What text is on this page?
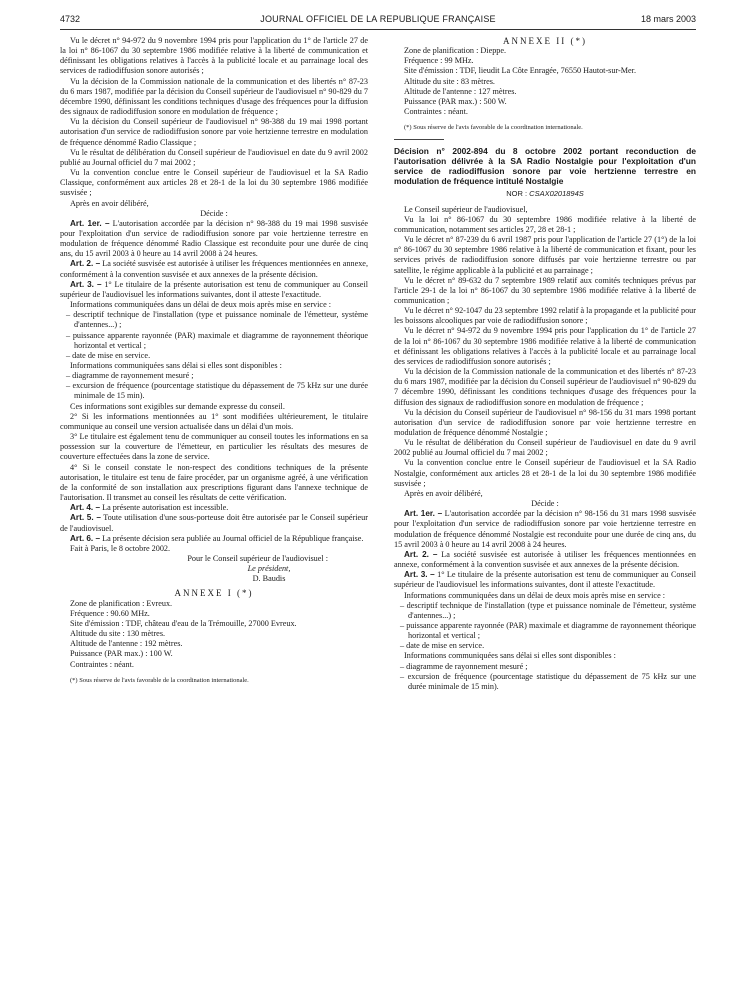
4732	JOURNAL OFFICIEL DE LA REPUBLIQUE FRANÇAISE	18 mars 2003

Vu le décret n° 94-972 du 9 novembre 1994 pris pour l'application du 1° de l'article 27 de la loi n° 86-1067 du 30 septembre 1986 modifiée relative à la liberté de communication et définissant les obligations relatives à l'accès à la publicité locale et au parrainage local des services de radiodiffusion sonore autorisés ;

Vu la décision de la Commission nationale de la communication et des libertés n° 87-23 du 6 mars 1987, modifiée par la décision du Conseil supérieur de l'audiovisuel n° 90-829 du 7 décembre 1990, définissant les conditions techniques d'usage des fréquences pour la diffusion des signaux de radiodiffusion sonore en modulation de fréquence ;

Vu la décision du Conseil supérieur de l'audiovisuel n° 98-388 du 19 mai 1998 portant autorisation d'un service de radiodiffusion sonore par voie hertzienne terrestre en modulation de fréquence dénommé Radio Classique ;

Vu le résultat de délibération du Conseil supérieur de l'audiovisuel en date du 9 avril 2002 publié au Journal officiel du 7 mai 2002 ;

Vu la convention conclue entre le Conseil supérieur de l'audiovisuel et la SA Radio Classique, conformément aux articles 28 et 28-1 de la loi du 30 septembre 1986 modifiée susvisée ;

Après en avoir délibéré,

Décide :

Art. 1er. – L'autorisation accordée par la décision n° 98-388 du 19 mai 1998 susvisée pour l'exploitation d'un service de radiodiffusion sonore par voie hertzienne terrestre en modulation de fréquence dénommé Radio Classique est reconduite pour une durée de cinq ans, du 15 avril 2003 à 0 heure au 14 avril 2008 à 24 heures.

Art. 2. – La société susvisée est autorisée à utiliser les fréquences mentionnées en annexe, conformément à la convention susvisée et aux annexes de la présente décision.

Art. 3. – 1° Le titulaire de la présente autorisation est tenu de communiquer au Conseil supérieur de l'audiovisuel les informations suivantes, dont il atteste l'exactitude.

Informations communiquées dans un délai de deux mois après mise en service :

– descriptif technique de l'installation (type et puissance nominale de l'émetteur, système d'antennes...) ;

– puissance apparente rayonnée (PAR) maximale et diagramme de rayonnement théorique horizontal et vertical ;

– date de mise en service.

Informations communiquées sans délai si elles sont disponibles :

– diagramme de rayonnement mesuré ;

– excursion de fréquence (pourcentage statistique du dépassement de 75 kHz sur une durée minimale de 15 min).

Ces informations sont exigibles sur demande expresse du conseil.

2° Si les informations mentionnées au 1° sont modifiées ultérieurement, le titulaire communique au conseil une version actualisée dans un délai d'un mois.

3° Le titulaire est également tenu de communiquer au conseil toutes les informations en sa possession sur la couverture de l'émetteur, en particulier les résultats des mesures de couverture effectuées dans la zone de service.

4° Si le conseil constate le non-respect des conditions techniques de la présente autorisation, le titulaire est tenu de faire procéder, par un organisme agréé, à une vérification de la conformité de son installation aux prescriptions figurant dans l'annexe technique de l'autorisation. Il transmet au conseil les résultats de cette vérification.

Art. 4. – La présente autorisation est incessible.

Art. 5. – Toute utilisation d'une sous-porteuse doit être autorisée par le Conseil supérieur de l'audiovisuel.

Art. 6. – La présente décision sera publiée au Journal officiel de la République française.

Fait à Paris, le 8 octobre 2002.

Pour le Conseil supérieur de l'audiovisuel :

Le président,

D. Baudis

ANNEXE I (*)

Zone de planification : Evreux.

Fréquence : 90.60 MHz.

Site d'émission : TDF, château d'eau de la Trémouille, 27000 Evreux.

Altitude du site : 130 mètres.

Altitude de l'antenne : 192 mètres.

Puissance (PAR max.) : 100 W.

Contraintes : néant.

(*) Sous réserve de l'avis favorable de la coordination internationale.

ANNEXE II (*)

Zone de planification : Dieppe.

Fréquence : 99 MHz.

Site d'émission : TDF, lieudit La Côte Enragée, 76550 Hautot-sur-Mer.

Altitude du site : 83 mètres.

Altitude de l'antenne : 127 mètres.

Puissance (PAR max.) : 500 W.

Contraintes : néant.

(*) Sous réserve de l'avis favorable de la coordination internationale.

Décision n° 2002-894 du 8 octobre 2002 portant reconduction de l'autorisation délivrée à la SA Radio Nostalgie pour l'exploitation d'un service de radiodiffusion sonore par voie hertzienne terrestre en modulation de fréquence intitulé Nostalgie

NOR : CSAX0201894S

Le Conseil supérieur de l'audiovisuel,

Vu la loi n° 86-1067 du 30 septembre 1986 modifiée relative à la liberté de communication, notamment ses articles 27, 28 et 28-1 ;

Vu le décret n° 87-239 du 6 avril 1987 pris pour l'application de l'article 27 (1°) de la loi n° 86-1067 du 30 septembre 1986 relative à la liberté de communication et fixant, pour les services privés de radiodiffusion sonore diffusés par voie hertzienne terrestre ou par satellite, le régime applicable à la publicité et au parrainage ;

Vu le décret n° 89-632 du 7 septembre 1989 relatif aux comités techniques prévus par l'article 29-1 de la loi n° 86-1067 du 30 septembre 1986 modifiée relative à la liberté de communication ;

Vu le décret n° 92-1047 du 23 septembre 1992 relatif à la propagande et la publicité pour les boissons alcooliques par voie de radiodiffusion sonore ;

Vu le décret n° 94-972 du 9 novembre 1994 pris pour l'application du 1° de l'article 27 de la loi n° 86-1067 du 30 septembre 1986 modifiée relative à la liberté de communication et définissant les obligations relatives à l'accès à la publicité locale et au parrainage local des services de radiodiffusion sonore autorisés ;

Vu la décision de la Commission nationale de la communication et des libertés n° 87-23 du 6 mars 1987, modifiée par la décision du Conseil supérieur de l'audiovisuel n° 90-829 du 7 décembre 1990, définissant les conditions techniques d'usage des fréquences pour la diffusion des signaux de radiodiffusion sonore en modulation de fréquence ;

Vu la décision du Conseil supérieur de l'audiovisuel n° 98-156 du 31 mars 1998 portant autorisation d'un service de radiodiffusion sonore par voie hertzienne terrestre en modulation de fréquence dénommé Nostalgie ;

Vu le résultat de délibération du Conseil supérieur de l'audiovisuel en date du 9 avril 2002 publié au Journal officiel du 7 mai 2002 ;

Vu la convention conclue entre le Conseil supérieur de l'audiovisuel et la SA Radio Nostalgie, conformément aux articles 28 et 28-1 de la loi du 30 septembre 1986 modifiée susvisée ;

Après en avoir délibéré,

Décide :

Art. 1er. – L'autorisation accordée par la décision n° 98-156 du 31 mars 1998 susvisée pour l'exploitation d'un service de radiodiffusion sonore par voie hertzienne terrestre en modulation de fréquence dénommé Nostalgie est reconduite pour une durée de cinq ans, du 15 avril 2003 à 0 heure au 14 avril 2008 à 24 heures.

Art. 2. – La société susvisée est autorisée à utiliser les fréquences mentionnées en annexe, conformément à la convention susvisée et aux annexes de la présente décision.

Art. 3. – 1° Le titulaire de la présente autorisation est tenu de communiquer au Conseil supérieur de l'audiovisuel les informations suivantes, dont il atteste l'exactitude.

Informations communiquées dans un délai de deux mois après mise en service :

– descriptif technique de l'installation (type et puissance nominale de l'émetteur, système d'antennes...) ;

– puissance apparente rayonnée (PAR) maximale et diagramme de rayonnement théorique horizontal et vertical ;

– date de mise en service.

Informations communiquées sans délai si elles sont disponibles :

– diagramme de rayonnement mesuré ;

– excursion de fréquence (pourcentage statistique du dépassement de 75 kHz sur une durée minimale de 15 min).
